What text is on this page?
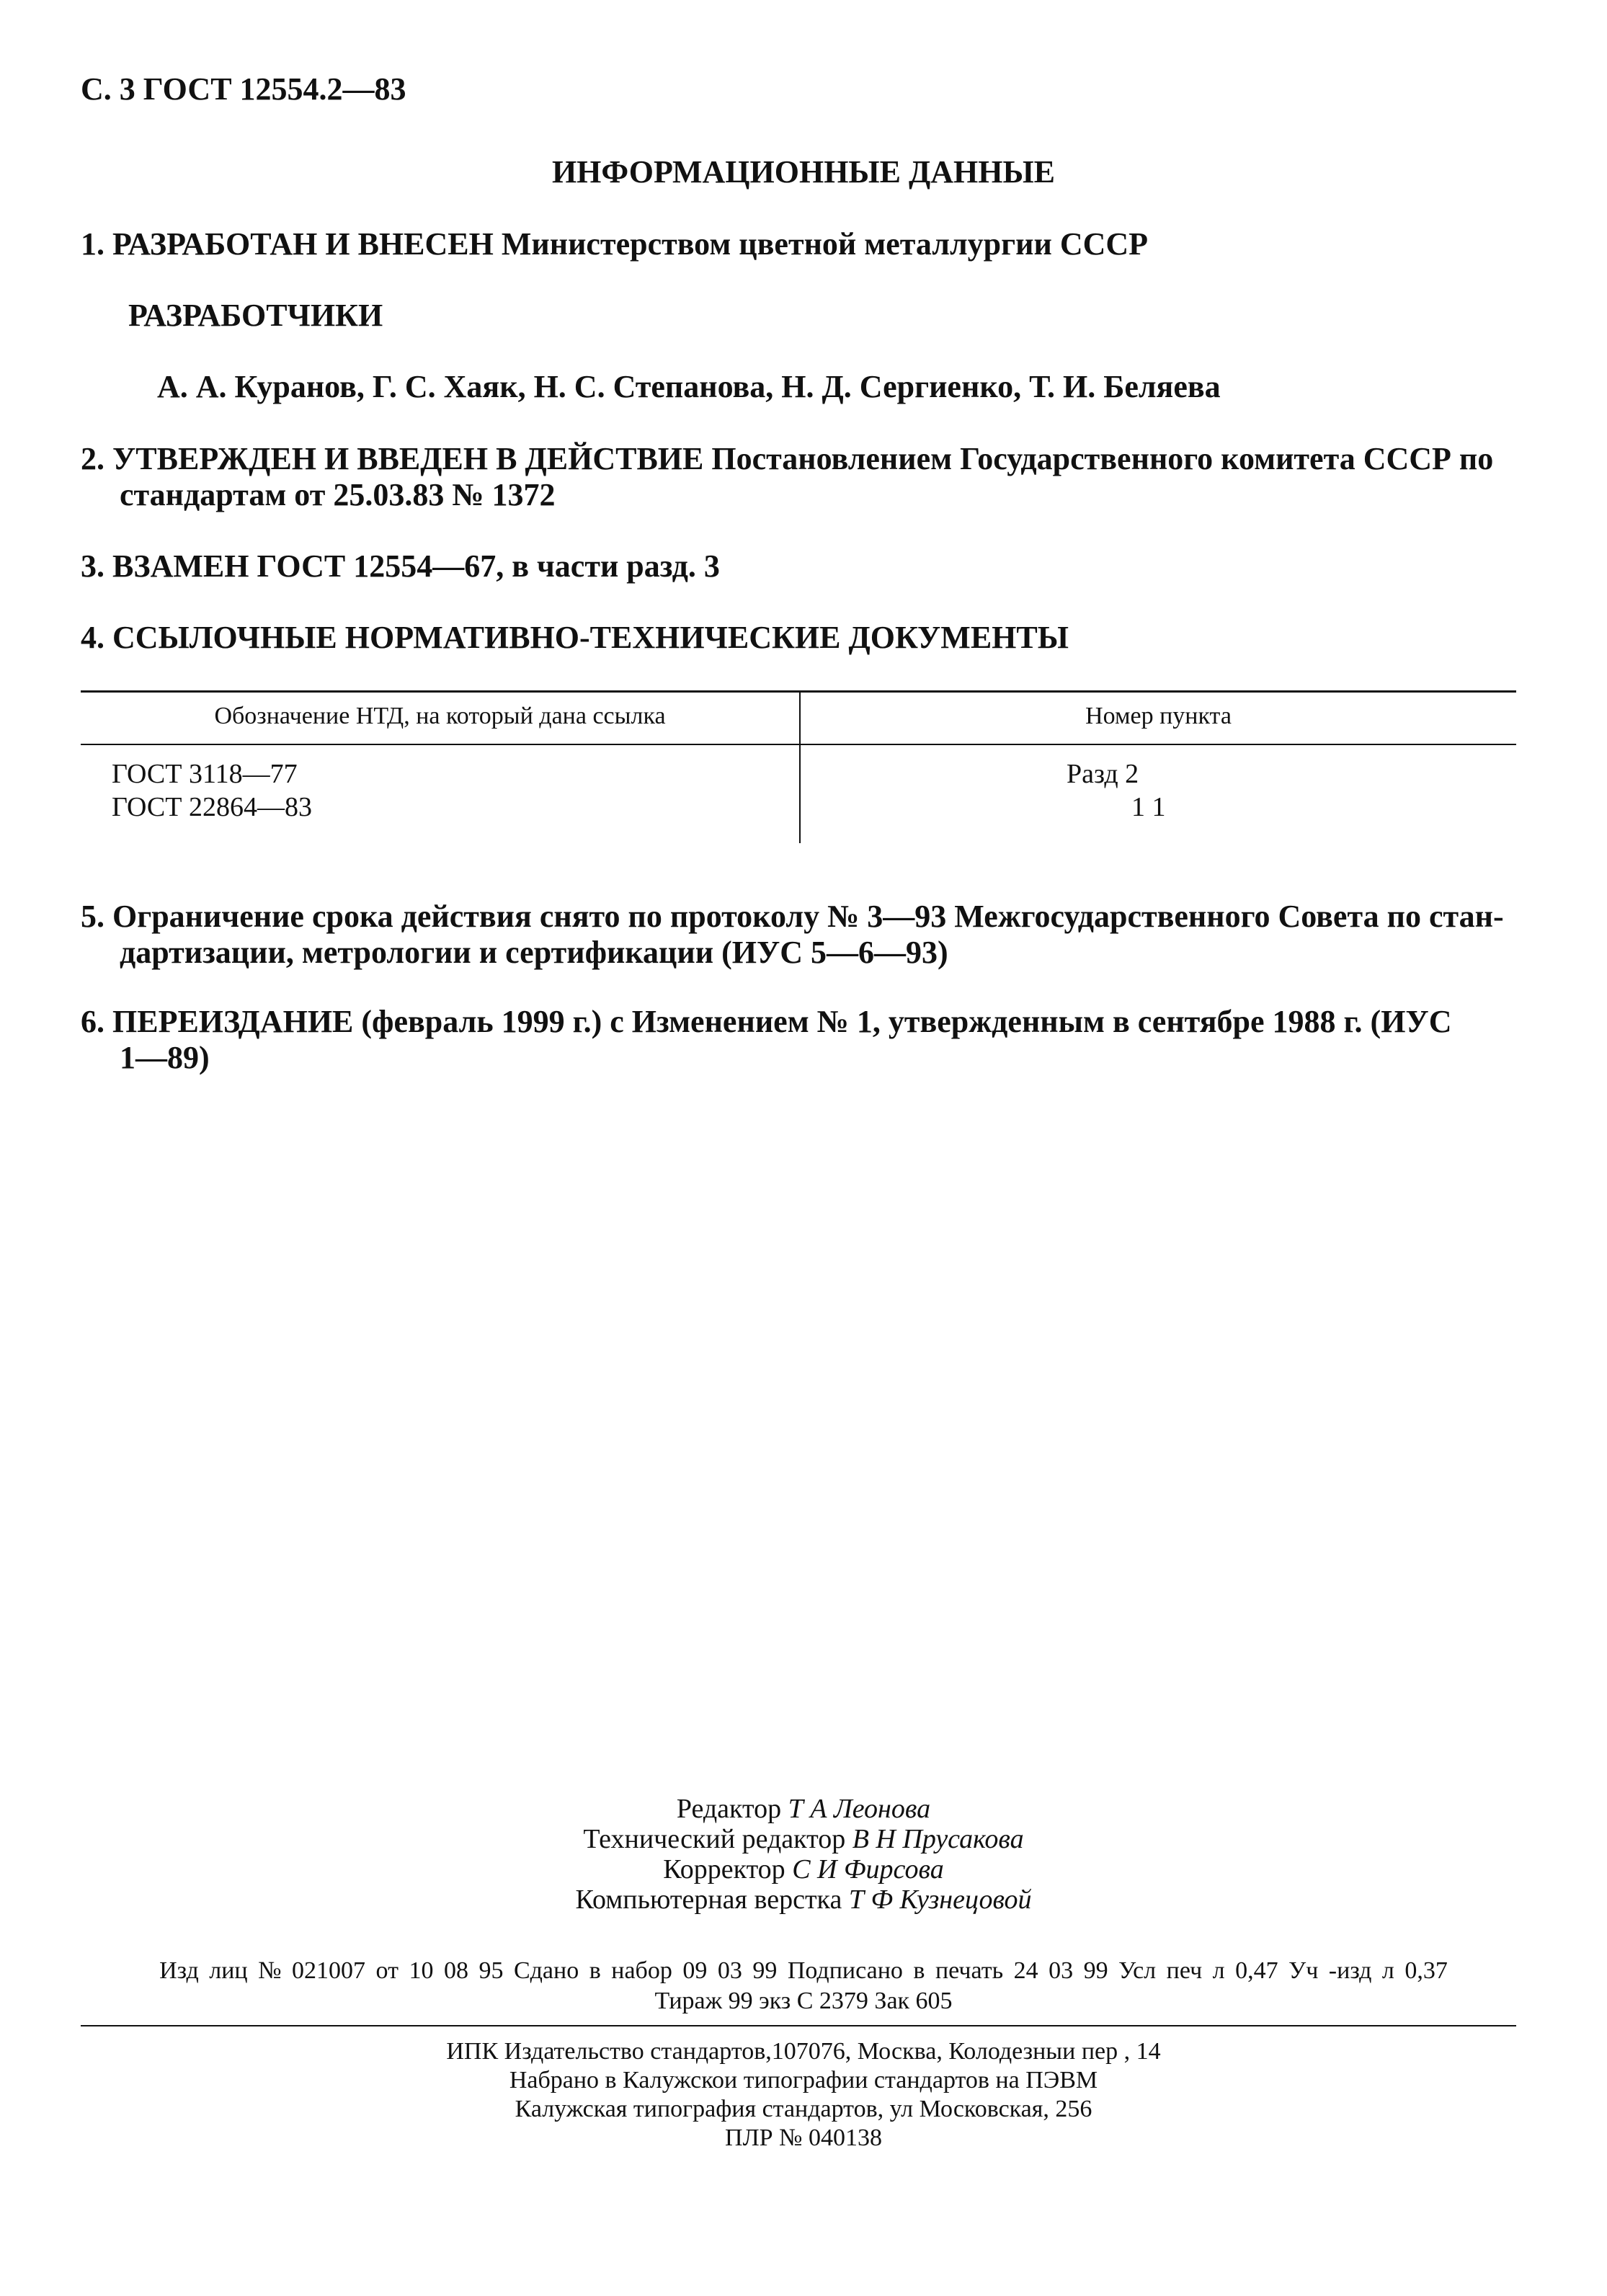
С. 3 ГОСТ 12554.2—83
ИНФОРМАЦИОННЫЕ ДАННЫЕ
1. РАЗРАБОТАН И ВНЕСЕН Министерством цветной металлургии СССР
РАЗРАБОТЧИКИ
А. А. Куранов, Г. С. Хаяк, Н. С. Степанова, Н. Д. Сергиенко, Т. И. Беляева
2. УТВЕРЖДЕН И ВВЕДЕН В ДЕЙСТВИЕ Постановлением Государственного комитета СССР по
стандартам от 25.03.83 № 1372
3. ВЗАМЕН ГОСТ 12554—67, в части разд. 3
4. ССЫЛОЧНЫЕ НОРМАТИВНО-ТЕХНИЧЕСКИЕ ДОКУМЕНТЫ
Обозначение НТД, на который дана ссылка	Номер пункта
ГОСТ 3118—77	Разд 2
ГОСТ 22864—83	1 1
5. Ограничение срока действия снято по протоколу № 3—93 Межгосударственного Совета по стан-
дартизации, метрологии и сертификации (ИУС 5—6—93)
6. ПЕРЕИЗДАНИЕ (февраль 1999 г.) с Изменением № 1, утвержденным в сентябре 1988 г. (ИУС
1—89)
Редактор Т А Леонова
Технический редактор В Н Прусакова
Корректор С И Фирсова
Компьютерная верстка Т Ф Кузнецовой
Изд лиц № 021007 от 10 08 95 Сдано в набор 09 03 99 Подписано в печать 24 03 99 Усл печ л 0,47 Уч -изд л 0,37
Тираж 99 экз С 2379 Зак 605
ИПК Издательство стандартов,107076, Москва, Колодезныи пер , 14
Набрано в Калужскои типографии стандартов на ПЭВМ
Калужская типография стандартов, ул Московская, 256
ПЛР № 040138
